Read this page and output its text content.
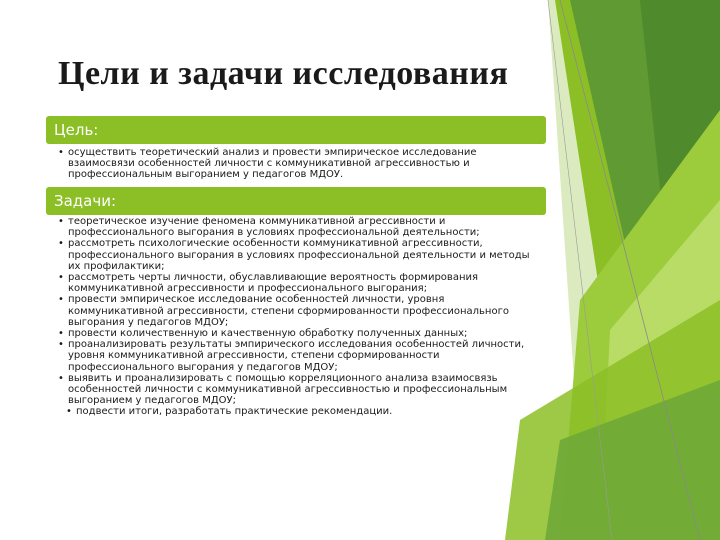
Цели и задачи исследования
Цель:
• осуществить теоретический анализ и провести эмпирическое исследование взаимосвязи особенностей личности с коммуникативной агрессивностью и профессиональным выгоранием у педагогов МДОУ.
Задачи:
• теоретическое изучение феномена коммуникативной агрессивности и профессионального выгорания в условиях профессиональной деятельности;
• рассмотреть психологические особенности коммуникативной агрессивности, профессионального выгорания в условиях профессиональной деятельности и методы их профилактики;
• рассмотреть черты личности, обуславливающие вероятность формирования коммуникативной агрессивности и профессионального выгорания;
• провести эмпирическое исследование особенностей личности, уровня коммуникативной агрессивности, степени сформированности профессионального выгорания у педагогов МДОУ;
• провести количественную и качественную обработку полученных данных;
• проанализировать результаты эмпирического исследования особенностей личности, уровня коммуникативной агрессивности, степени сформированности профессионального выгорания у педагогов МДОУ;
• выявить и проанализировать с помощью корреляционного анализа взаимосвязь особенностей личности с коммуникативной агрессивностью и профессиональным выгоранием у педагогов МДОУ;
• подвести итоги, разработать практические рекомендации.
